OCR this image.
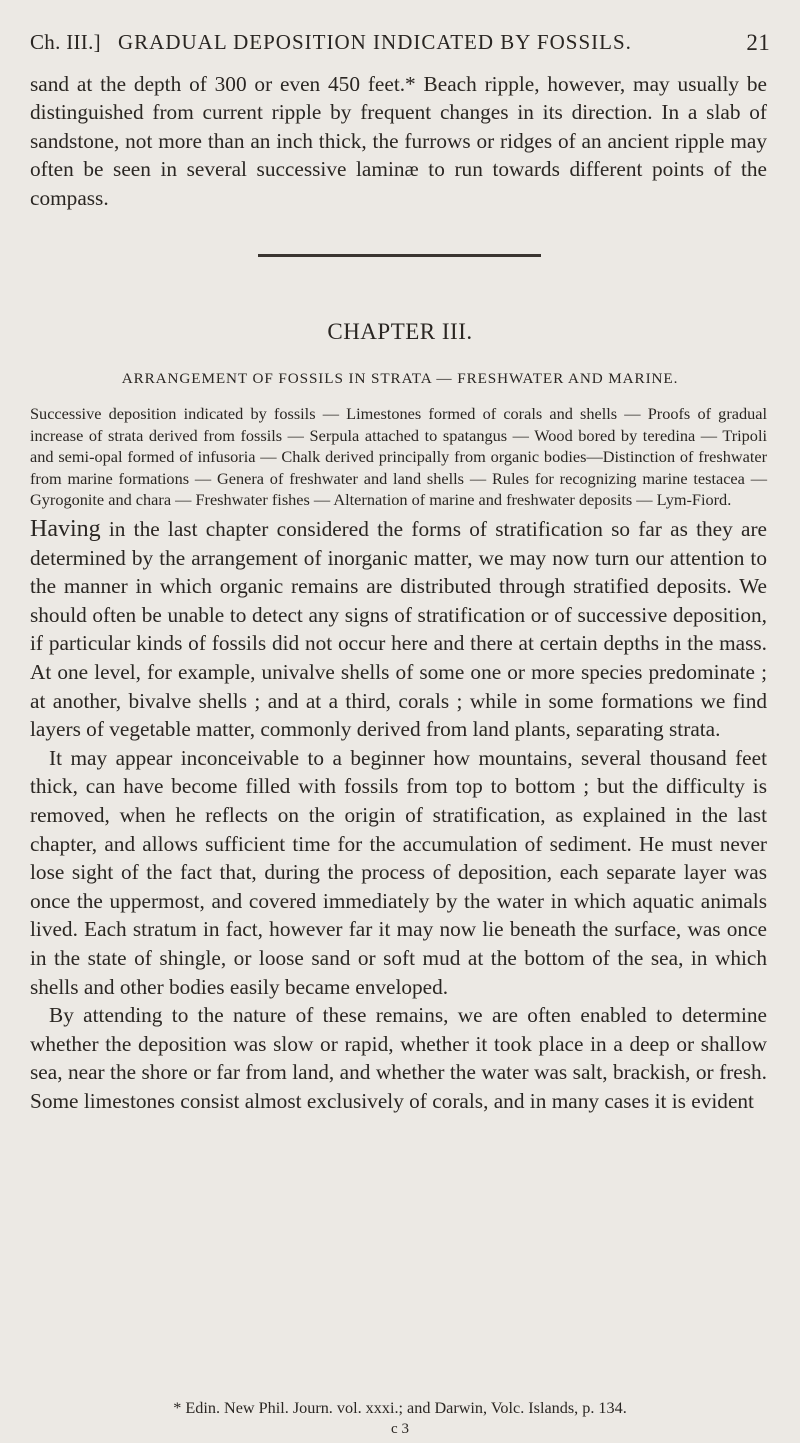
Ch. III.] GRADUAL DEPOSITION INDICATED BY FOSSILS.	21
sand at the depth of 300 or even 450 feet.* Beach ripple, however, may usually be distinguished from current ripple by frequent changes in its direction. In a slab of sandstone, not more than an inch thick, the furrows or ridges of an ancient ripple may often be seen in several successive laminæ to run towards different points of the compass.
CHAPTER III.
ARRANGEMENT OF FOSSILS IN STRATA — FRESHWATER AND MARINE.
Successive deposition indicated by fossils — Limestones formed of corals and shells — Proofs of gradual increase of strata derived from fossils — Serpula attached to spatangus — Wood bored by teredina — Tripoli and semi-opal formed of infusoria — Chalk derived principally from organic bodies—Distinction of freshwater from marine formations — Genera of freshwater and land shells — Rules for recognizing marine testacea — Gyrogonite and chara — Freshwater fishes — Alternation of marine and freshwater deposits — Lym-Fiord.

Having in the last chapter considered the forms of stratification so far as they are determined by the arrangement of inorganic matter, we may now turn our attention to the manner in which organic remains are distributed through stratified deposits. We should often be unable to detect any signs of stratification or of successive deposition, if particular kinds of fossils did not occur here and there at certain depths in the mass. At one level, for example, univalve shells of some one or more species predominate ; at another, bivalve shells ; and at a third, corals ; while in some formations we find layers of vegetable matter, commonly derived from land plants, separating strata.

It may appear inconceivable to a beginner how mountains, several thousand feet thick, can have become filled with fossils from top to bottom ; but the difficulty is removed, when he reflects on the origin of stratification, as explained in the last chapter, and allows sufficient time for the accumulation of sediment. He must never lose sight of the fact that, during the process of deposition, each separate layer was once the uppermost, and covered immediately by the water in which aquatic animals lived. Each stratum in fact, however far it may now lie beneath the surface, was once in the state of shingle, or loose sand or soft mud at the bottom of the sea, in which shells and other bodies easily became enveloped.

By attending to the nature of these remains, we are often enabled to determine whether the deposition was slow or rapid, whether it took place in a deep or shallow sea, near the shore or far from land, and whether the water was salt, brackish, or fresh. Some limestones consist almost exclusively of corals, and in many cases it is evident

* Edin. New Phil. Journ. vol. xxxi.; and Darwin, Volc. Islands, p. 134.
c 3
